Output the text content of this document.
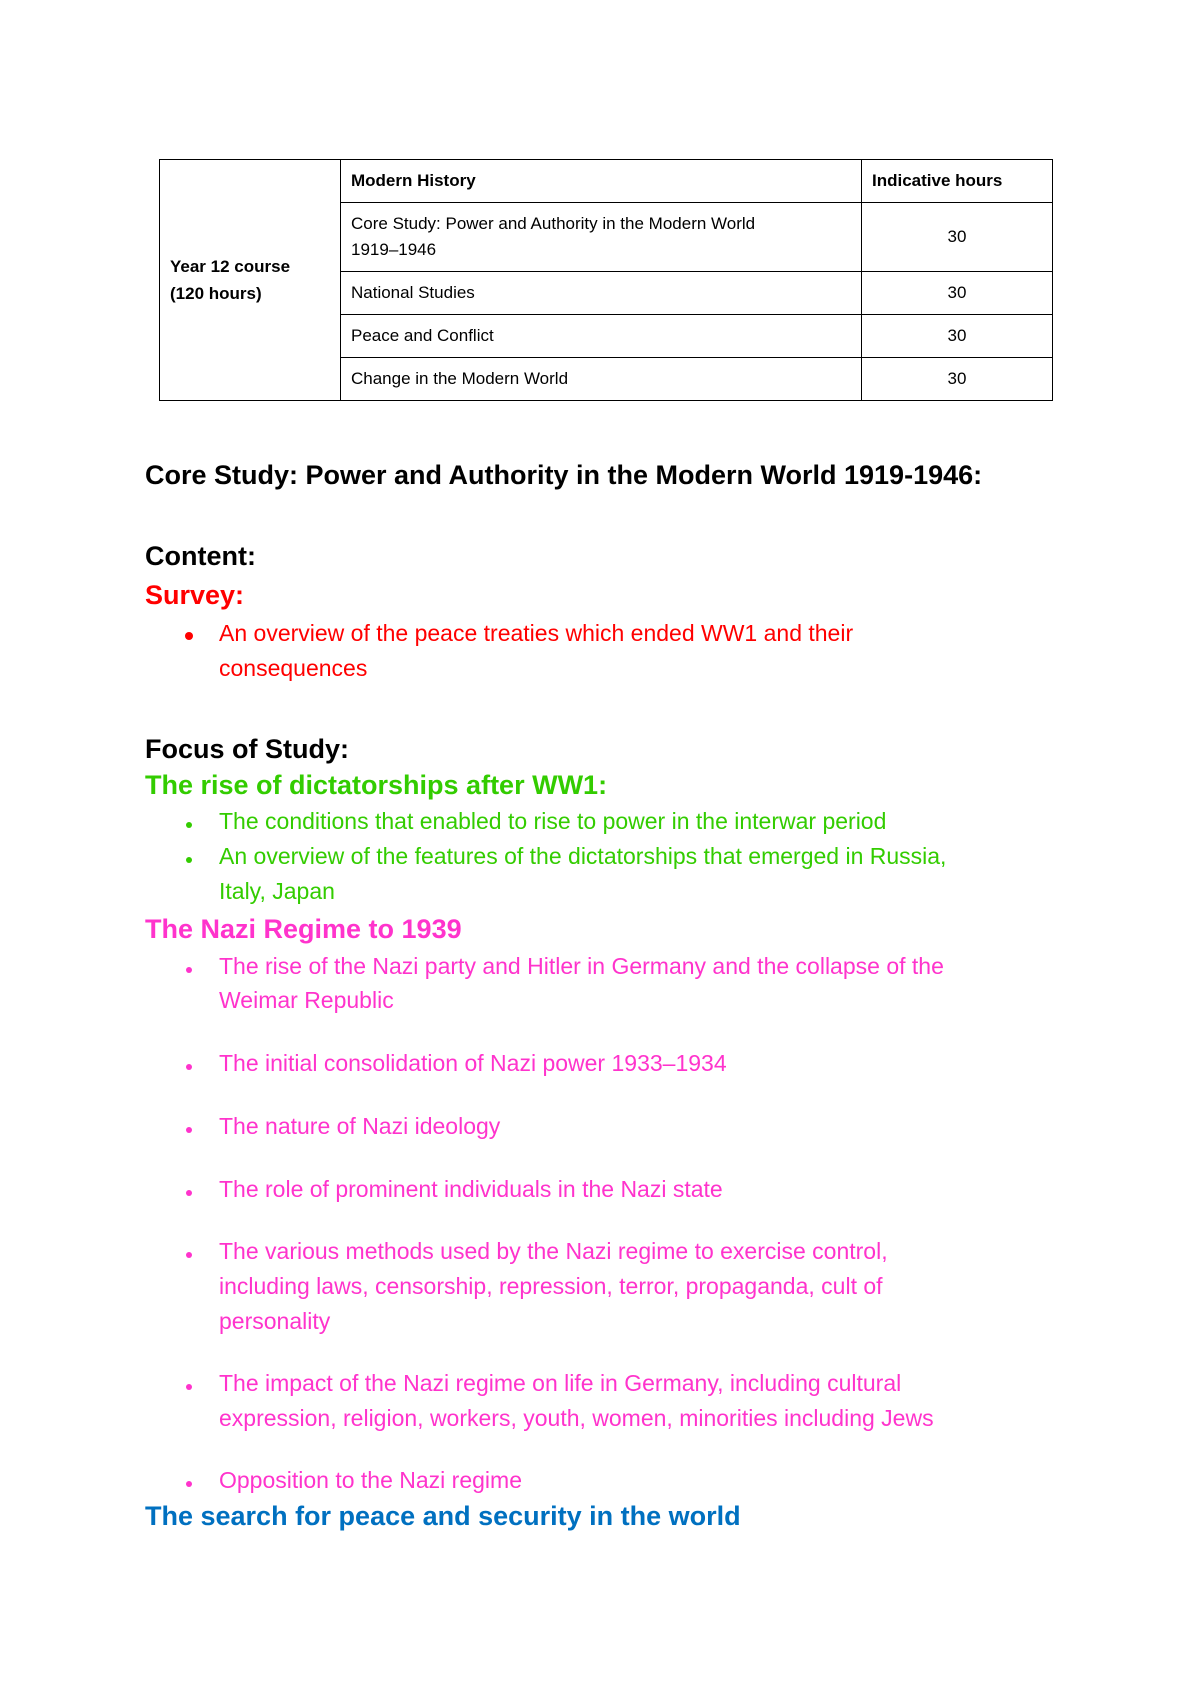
Year 12 course
(120 hours)	Modern History	Indicative hours

	Core Study: Power and Authority in the Modern World
1919–1946	30
	National Studies	30
	Peace and Conflict	30
	Change in the Modern World	30
Core Study: Power and Authority in the Modern World 1919-1946:
Content:
Survey:
An overview of the peace treaties which ended WW1 and their
consequences
Focus of Study:
The rise of dictatorships after WW1:
The conditions that enabled to rise to power in the interwar period
An overview of the features of the dictatorships that emerged in Russia,
Italy, Japan
The Nazi Regime to 1939
The rise of the Nazi party and Hitler in Germany and the collapse of the
Weimar Republic
The initial consolidation of Nazi power 1933–1934
The nature of Nazi ideology
The role of prominent individuals in the Nazi state
The various methods used by the Nazi regime to exercise control,
including laws, censorship, repression, terror, propaganda, cult of
personality
The impact of the Nazi regime on life in Germany, including cultural
expression, religion, workers, youth, women, minorities including Jews
Opposition to the Nazi regime
The search for peace and security in the world
